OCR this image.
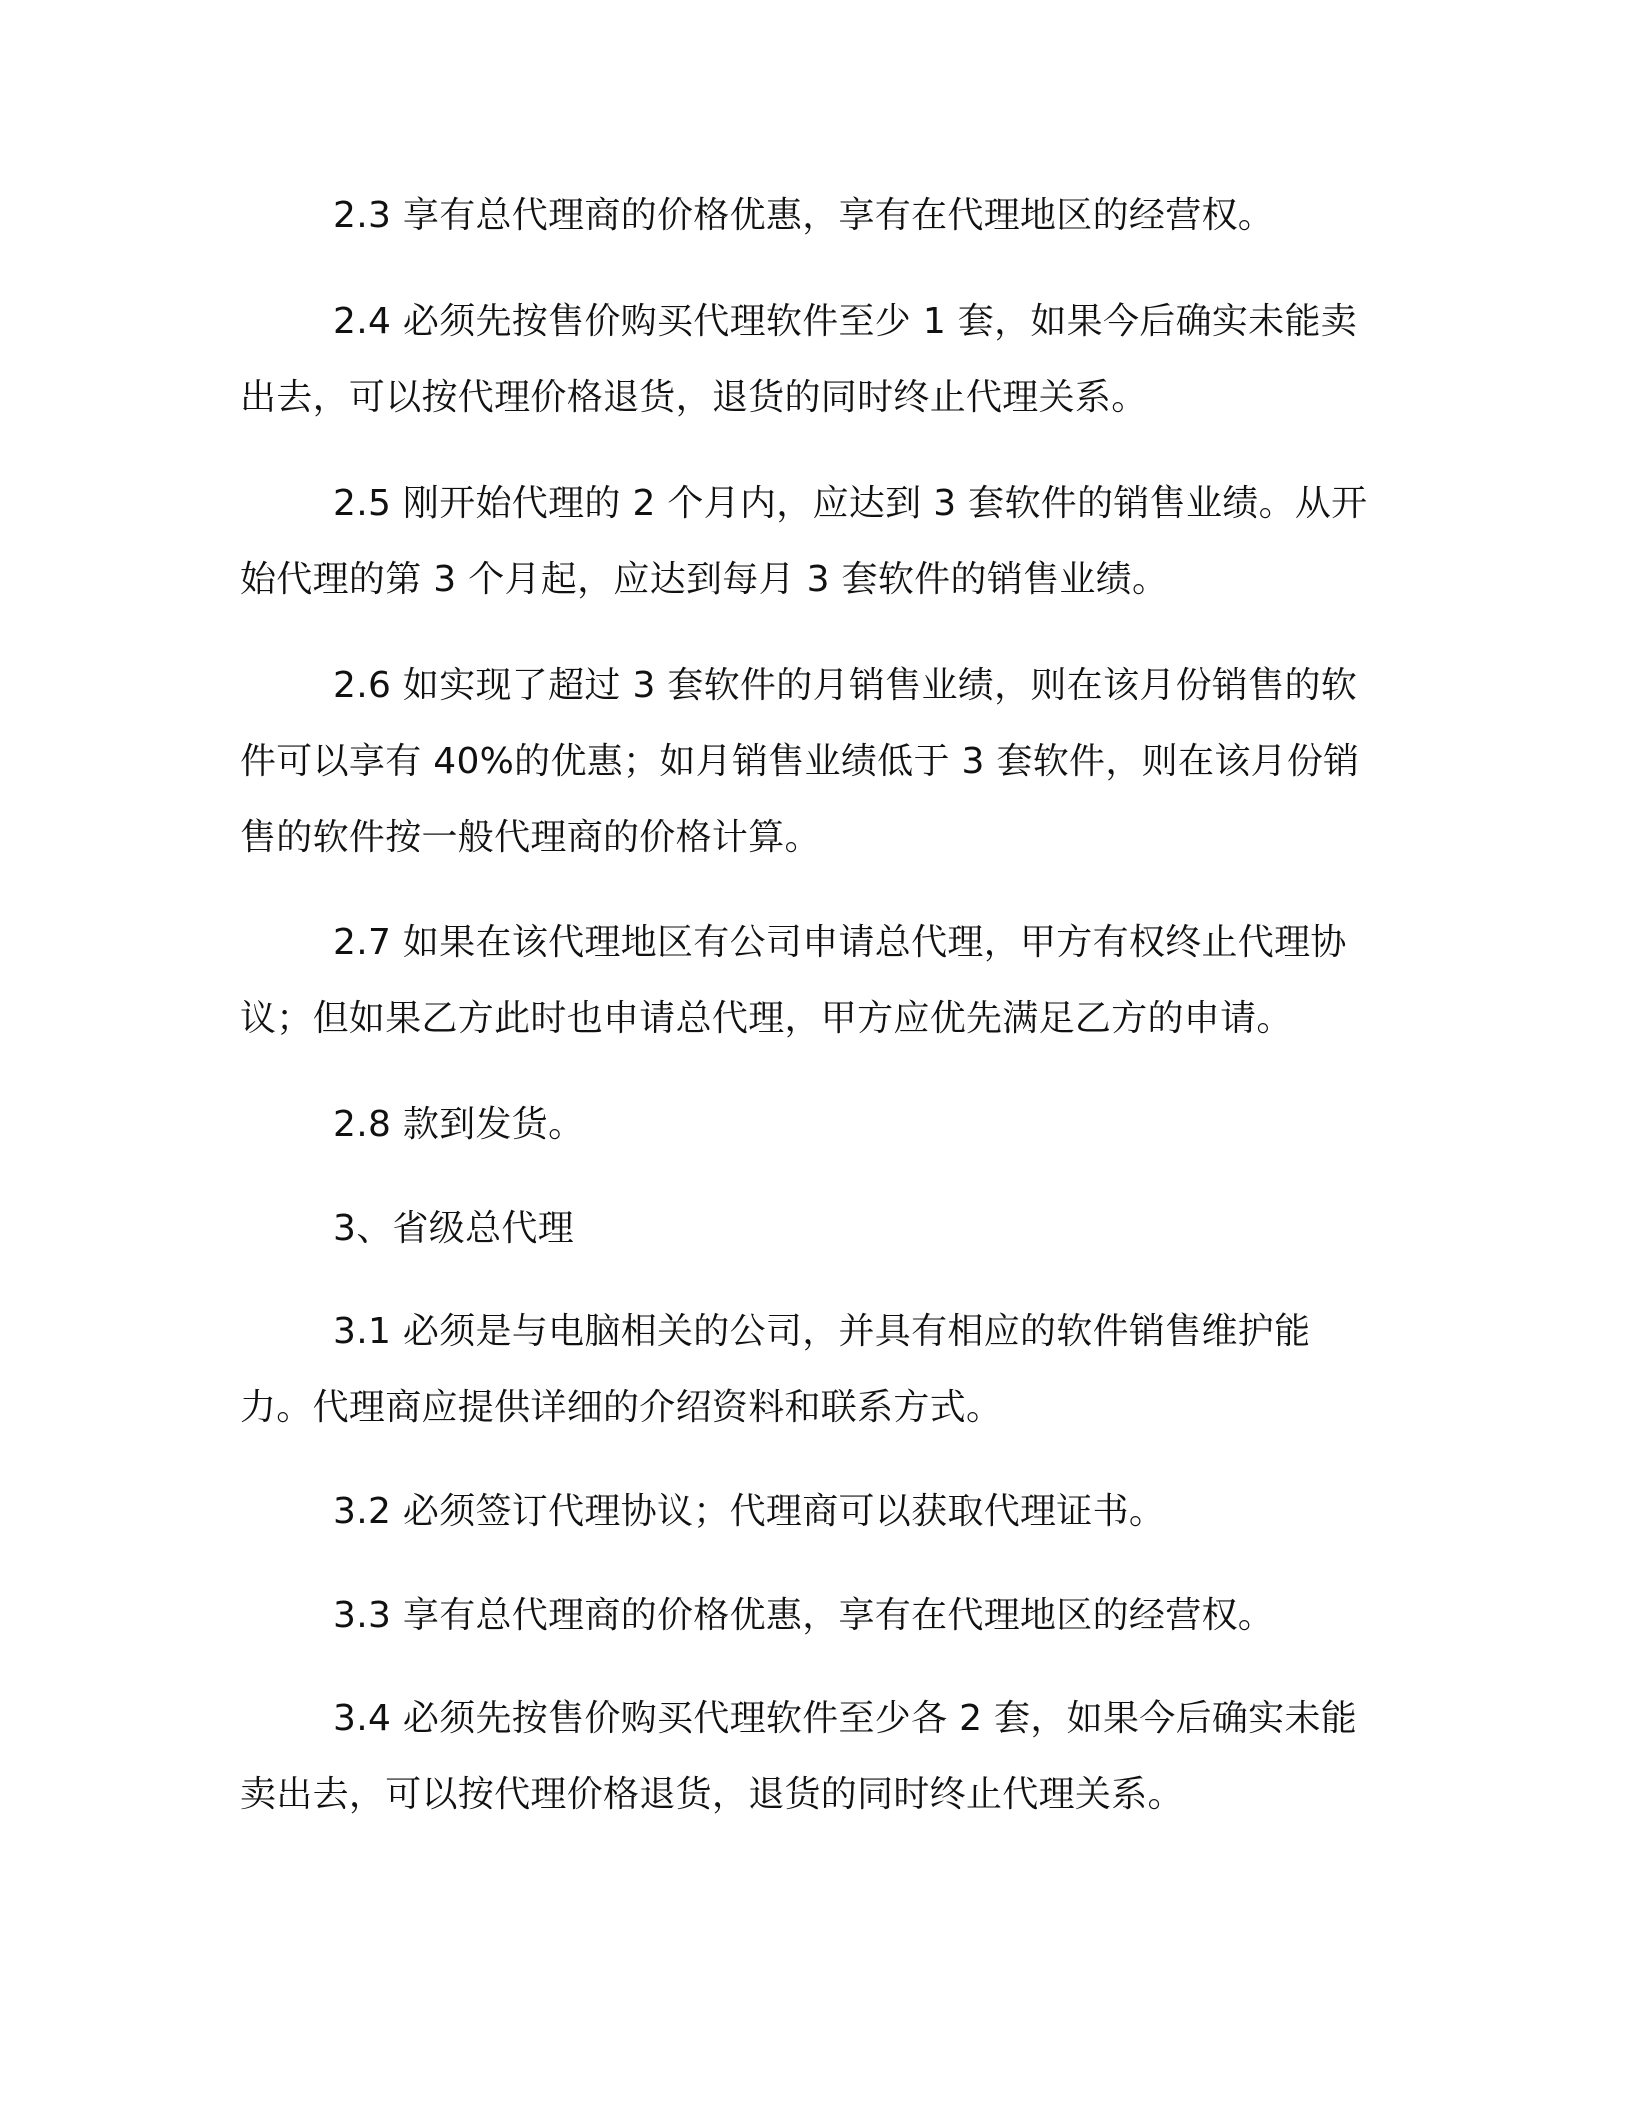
2.3 享有总代理商的价格优惠，享有在代理地区的经营权。

2.4 必须先按售价购买代理软件至少 1 套，如果今后确实未能卖出去，可以按代理价格退货，退货的同时终止代理关系。

2.5 刚开始代理的 2 个月内，应达到 3 套软件的销售业绩。从开始代理的第 3 个月起，应达到每月 3 套软件的销售业绩。

2.6 如实现了超过 3 套软件的月销售业绩，则在该月份销售的软件可以享有 40%的优惠；如月销售业绩低于 3 套软件，则在该月份销售的软件按一般代理商的价格计算。

2.7 如果在该代理地区有公司申请总代理，甲方有权终止代理协议；但如果乙方此时也申请总代理，甲方应优先满足乙方的申请。

2.8 款到发货。

3、省级总代理

3.1 必须是与电脑相关的公司，并具有相应的软件销售维护能力。代理商应提供详细的介绍资料和联系方式。

3.2 必须签订代理协议；代理商可以获取代理证书。

3.3 享有总代理商的价格优惠，享有在代理地区的经营权。

3.4 必须先按售价购买代理软件至少各 2 套，如果今后确实未能卖出去，可以按代理价格退货，退货的同时终止代理关系。
